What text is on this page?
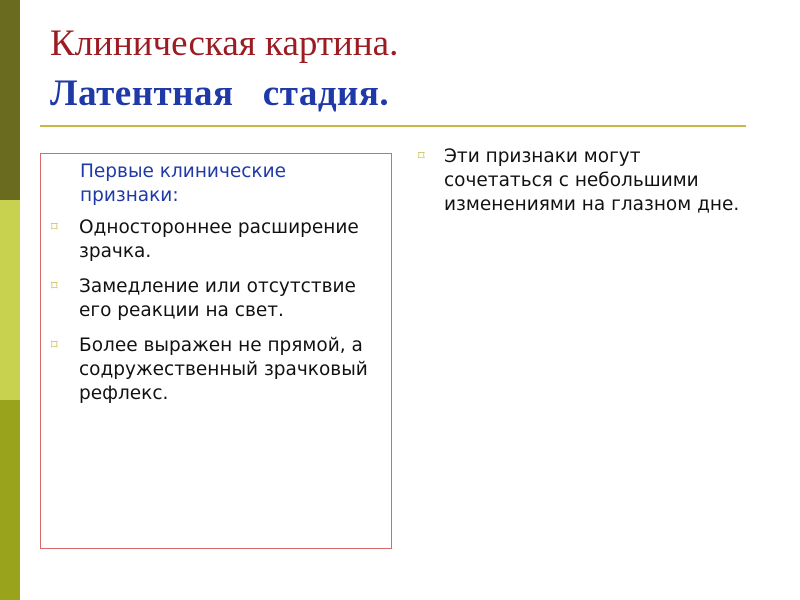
Клиническая картина.
Латентная   стадия.
Первые клинические признаки:
⌑ Одностороннее расширение зрачка.
⌑ Замедление или отсутствие его реакции на свет.
⌑ Более выражен не прямой, а содружественный зрачковый рефлекс.
⌑ Эти признаки могут сочетаться с небольшими изменениями на глазном дне.
